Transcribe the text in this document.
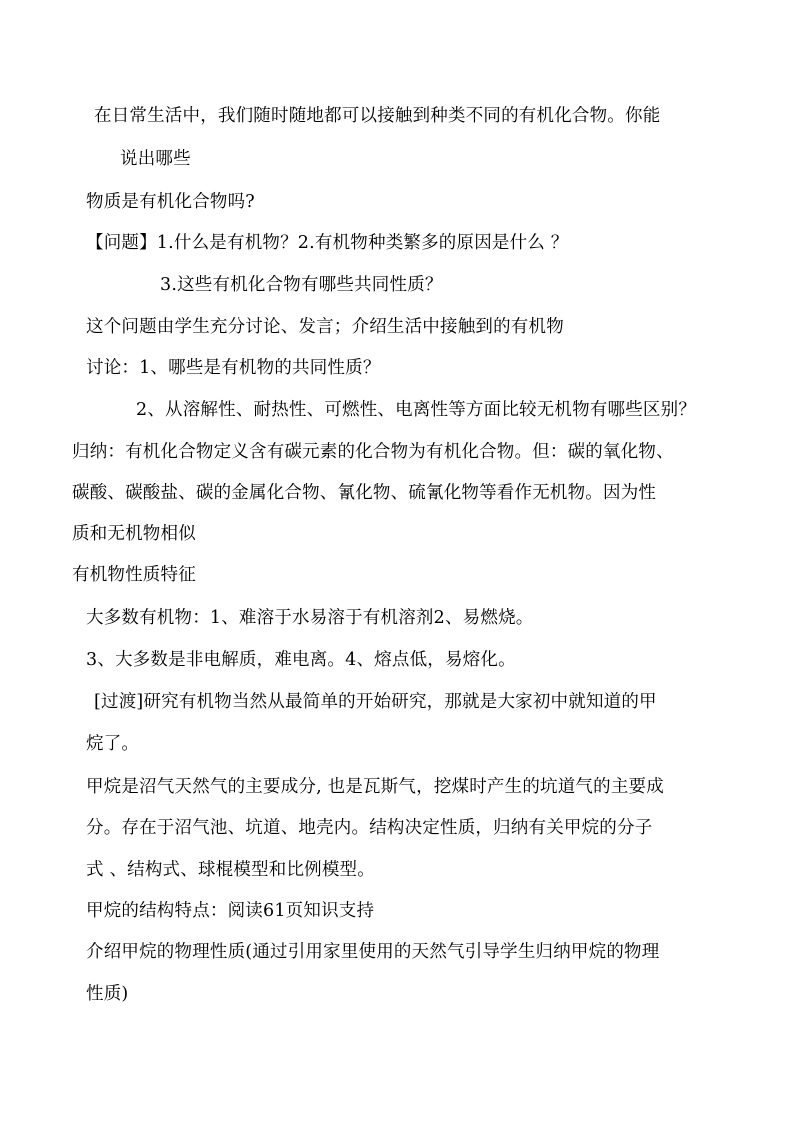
在日常生活中，我们随时随地都可以接触到种类不同的有机化合物。你能

说出哪些

物质是有机化合物吗?

【问题】1.什么是有机物？2.有机物种类繁多的原因是什么 ？

3.这些有机化合物有哪些共同性质？

这个问题由学生充分讨论、发言；介绍生活中接触到的有机物

讨论：1、哪些是有机物的共同性质？

2、从溶解性、耐热性、可燃性、电离性等方面比较无机物有哪些区别？

归纳：有机化合物定义含有碳元素的化合物为有机化合物。但：碳的氧化物、

碳酸、碳酸盐、碳的金属化合物、氰化物、硫氰化物等看作无机物。因为性

质和无机物相似

有机物性质特征

大多数有机物：1、难溶于水易溶于有机溶剂2、易燃烧。

3、大多数是非电解质，难电离。4、熔点低，易熔化。

[过渡]研究有机物当然从最简单的开始研究，那就是大家初中就知道的甲

烷了。

甲烷是沼气天然气的主要成分, 也是瓦斯气，挖煤时产生的坑道气的主要成

分。存在于沼气池、坑道、地壳内。结构决定性质，归纳有关甲烷的分子

式 、结构式、球棍模型和比例模型。

甲烷的结构特点：阅读61页知识支持

介绍甲烷的物理性质(通过引用家里使用的天然气引导学生归纳甲烷的物理

性质)
